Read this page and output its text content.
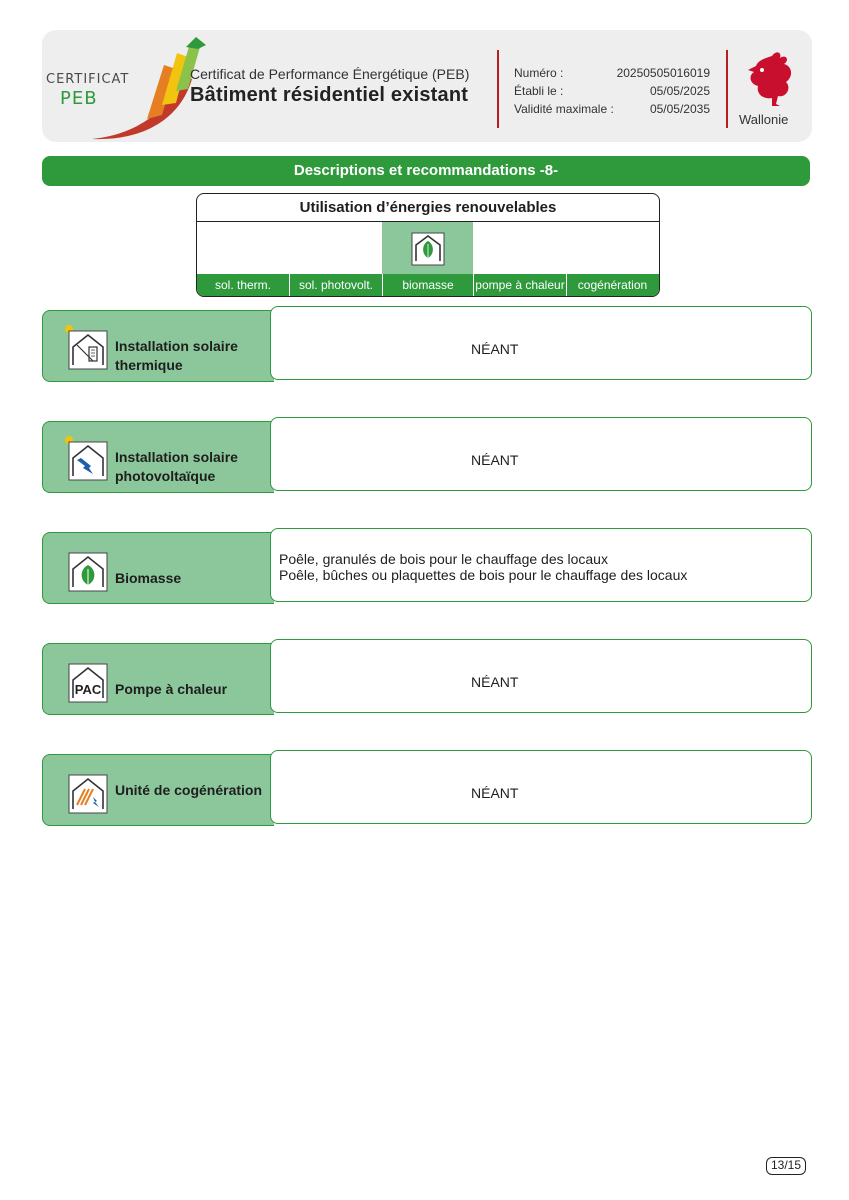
CERTIFICAT
PEB
Certificat de Performance Énergétique (PEB)
Bâtiment résidentiel existant
Numéro :	20250505016019
Établi le :	05/05/2025
Validité maximale :	05/05/2035
Wallonie
Descriptions et recommandations -8-
Utilisation d’énergies renouvelables
sol. therm.	sol. photovolt.	biomasse	pompe à chaleur	cogénération
Installation solaire thermique
NÉANT
Installation solaire photovoltaïque
NÉANT
Biomasse
Poêle, granulés de bois pour le chauffage des locaux
Poêle, bûches ou plaquettes de bois pour le chauffage des locaux
PAC Pompe à chaleur	NÉANT
Unité de cogénération	NÉANT
13/15
